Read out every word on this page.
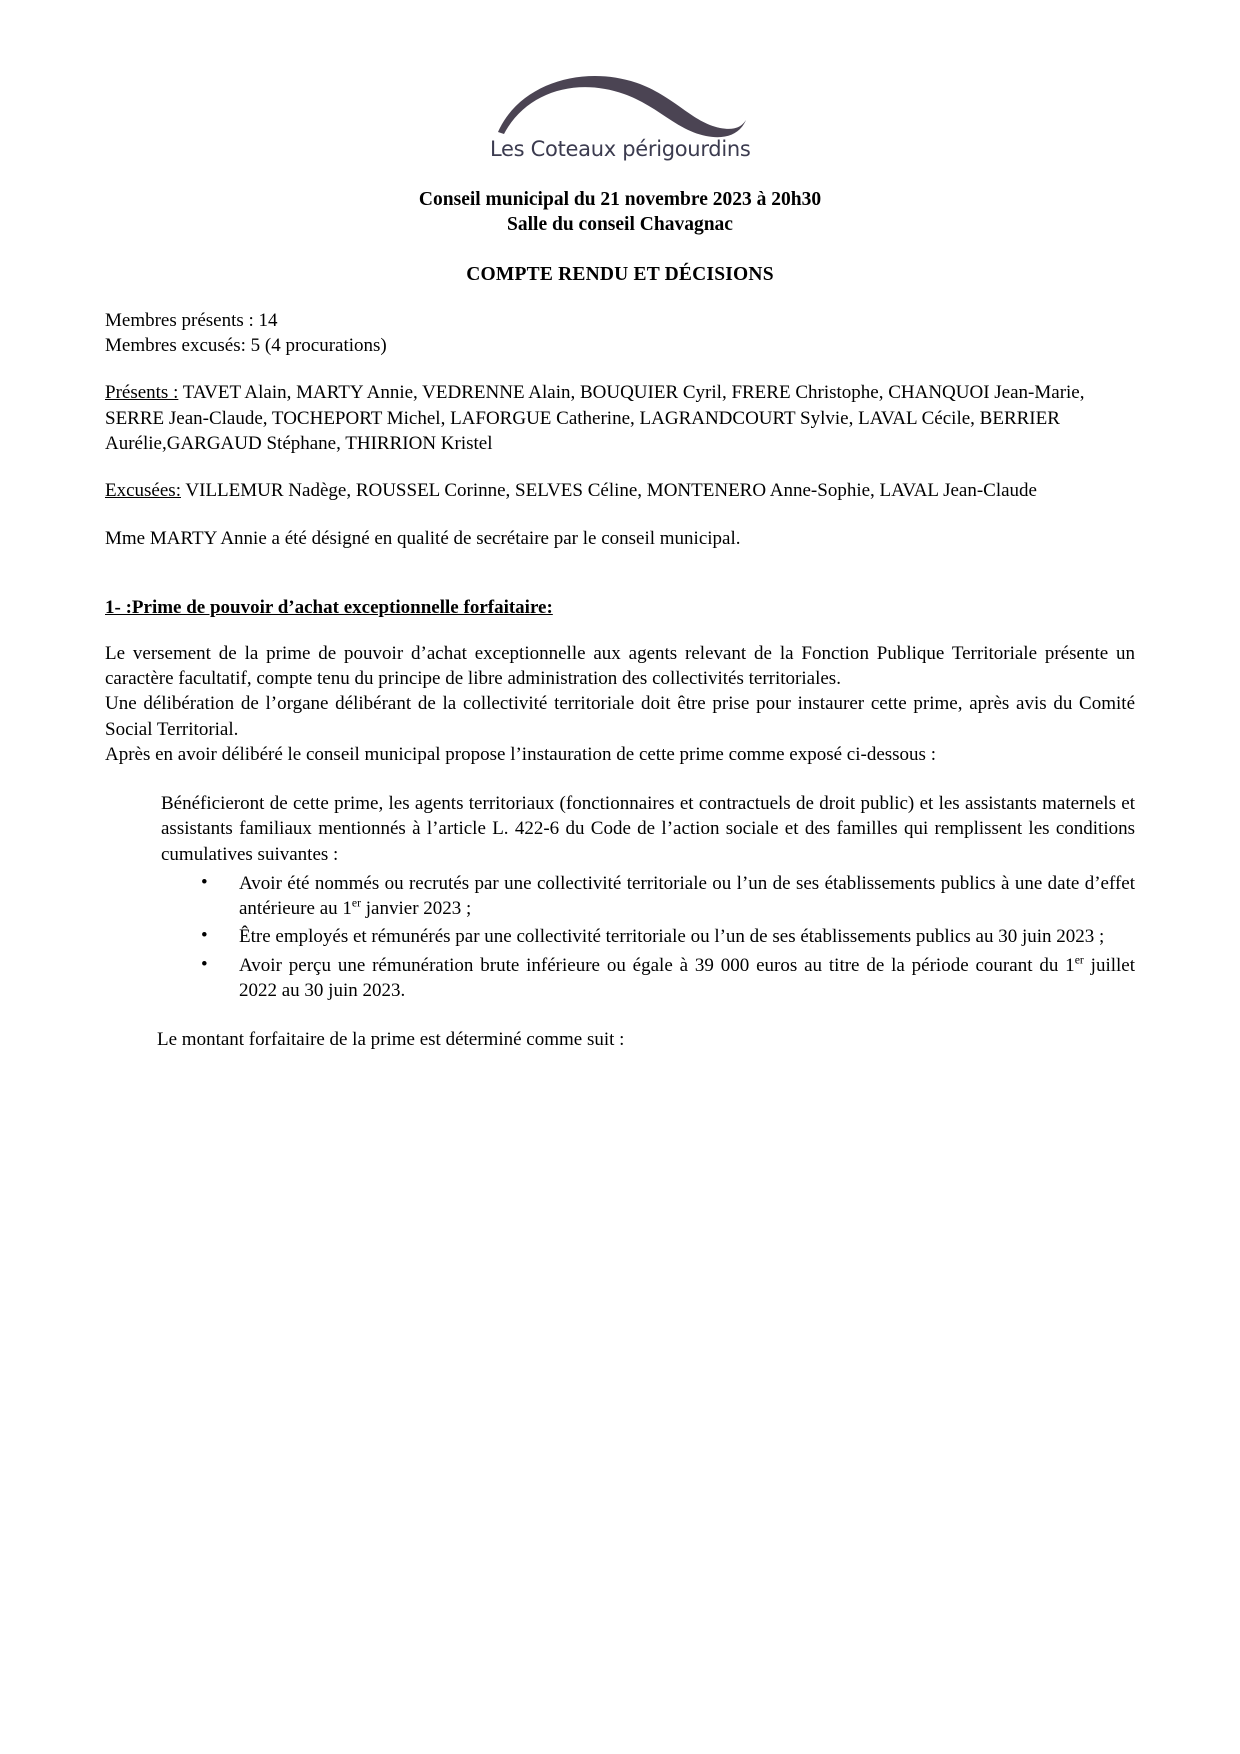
Les Coteaux périgourdins
Conseil municipal du 21 novembre 2023 à 20h30
Salle du conseil Chavagnac
COMPTE RENDU ET DÉCISIONS
Membres présents : 14
Membres excusés: 5 (4 procurations)
Présents : TAVET Alain, MARTY Annie, VEDRENNE Alain, BOUQUIER Cyril, FRERE Christophe, CHANQUOI Jean-Marie, SERRE Jean-Claude, TOCHEPORT Michel, LAFORGUE Catherine, LAGRANDCOURT Sylvie, LAVAL Cécile, BERRIER Aurélie,GARGAUD Stéphane, THIRRION Kristel
Excusées: VILLEMUR Nadège, ROUSSEL Corinne, SELVES Céline, MONTENERO Anne-Sophie, LAVAL Jean-Claude
Mme MARTY Annie a été désigné en qualité de secrétaire par le conseil municipal.
1- :Prime de pouvoir d’achat exceptionnelle forfaitaire:
Le versement de la prime de pouvoir d’achat exceptionnelle aux agents relevant de la Fonction Publique Territoriale présente un caractère facultatif, compte tenu du principe de libre administration des collectivités territoriales.
Une délibération de l’organe délibérant de la collectivité territoriale doit être prise pour instaurer cette prime, après avis du Comité Social Territorial.
Après en avoir délibéré le conseil municipal propose l’instauration de cette prime comme exposé ci-dessous :
Bénéficieront de cette prime, les agents territoriaux (fonctionnaires et contractuels de droit public) et les assistants maternels et assistants familiaux mentionnés à l’article L. 422-6 du Code de l’action sociale et des familles qui remplissent les conditions cumulatives suivantes :
• Avoir été nommés ou recrutés par une collectivité territoriale ou l’un de ses établissements publics à une date d’effet antérieure au 1er janvier 2023 ;
• Être employés et rémunérés par une collectivité territoriale ou l’un de ses établissements publics au 30 juin 2023 ;
• Avoir perçu une rémunération brute inférieure ou égale à 39 000 euros au titre de la période courant du 1er juillet 2022 au 30 juin 2023.
Le montant forfaitaire de la prime est déterminé comme suit :
